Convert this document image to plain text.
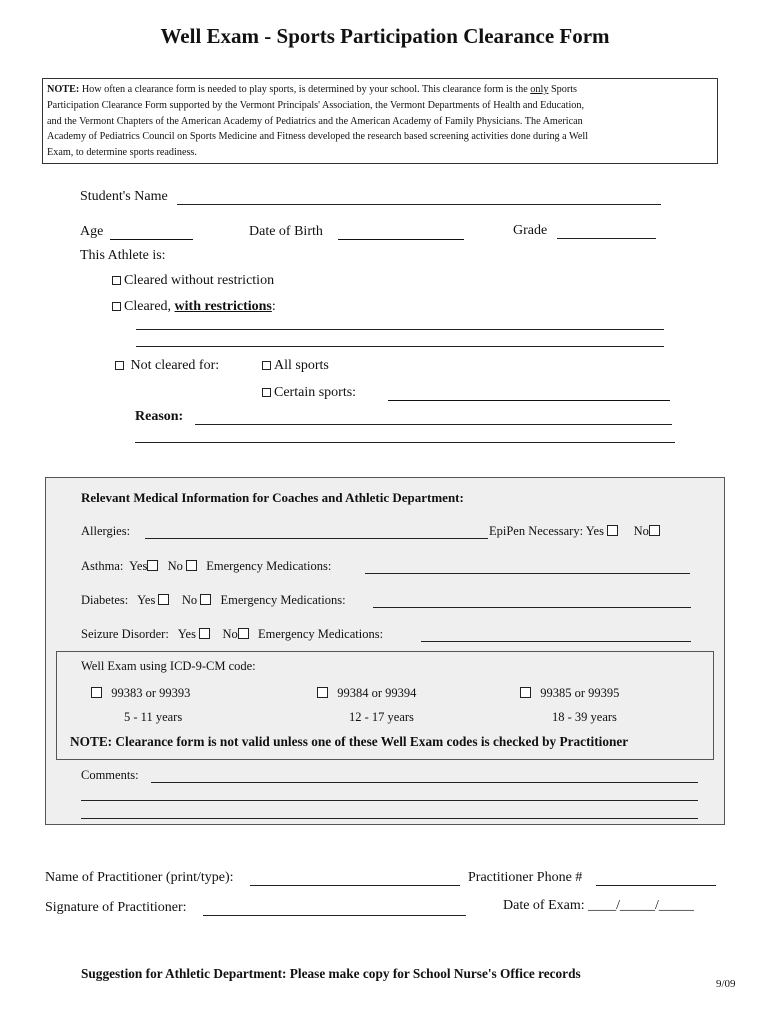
Well Exam - Sports Participation Clearance Form

NOTE: How often a clearance form is needed to play sports, is determined by your school. This clearance form is the only Sports

Participation Clearance Form supported by the Vermont Principals' Association, the Vermont Departments of Health and Education,

and the Vermont Chapters of the American Academy of Pediatrics and the American Academy of Family Physicians. The American

Academy of Pediatrics Council on Sports Medicine and Fitness developed the research based screening activities done during a Well

Exam, to determine sports readiness.

Student's Name
Age	Date of Birth	Grade
This Athlete is:
Cleared without restriction
Cleared, with restrictions:
Not cleared for:	All sports
Certain sports:
Reason:
Relevant Medical Information for Coaches and Athletic Department:
Allergies:	EpiPen Necessary: Yes No
Asthma: Yes No Emergency Medications:
Diabetes: Yes No Emergency Medications:
Seizure Disorder: Yes No Emergency Medications:
Well Exam using ICD-9-CM code:
99383 or 99393
5 - 11 years
99384 or 99394
12 - 17 years
99385 or 99395
18 - 39 years
NOTE: Clearance form is not valid unless one of these Well Exam codes is checked by Practitioner
Comments:
Name of Practitioner (print/type):	Practitioner Phone #
Signature of Practitioner:	Date of Exam: ____/_____/_____
Suggestion for Athletic Department: Please make copy for School Nurse's Office records
9/09
